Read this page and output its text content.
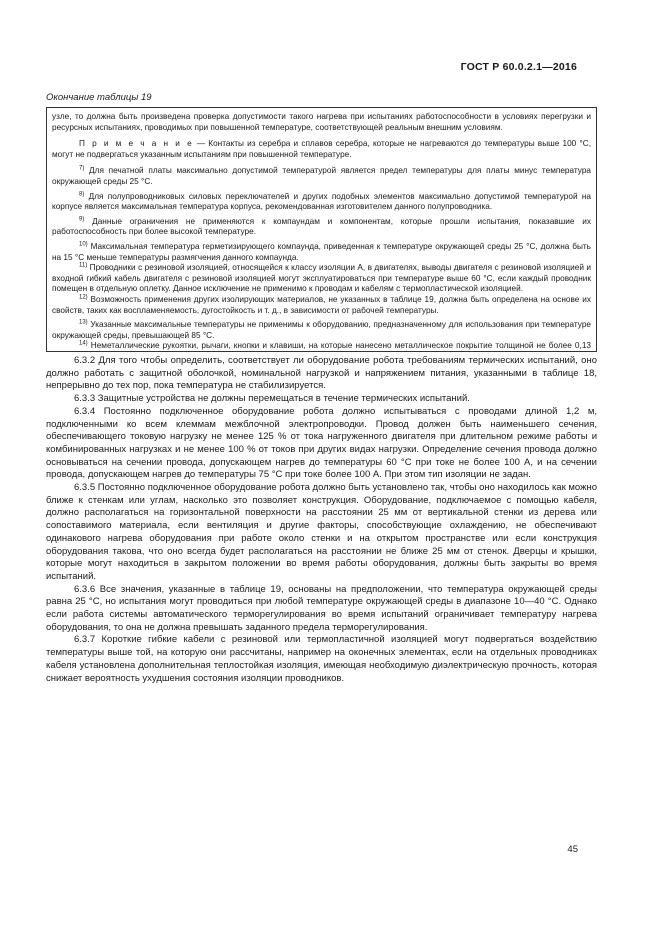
ГОСТ Р 60.0.2.1—2016
Окончание таблицы 19

узле, то должна быть произведена проверка допустимости такого нагрева при испытаниях работоспособности в условиях перегрузки и ресурсных испытаниях, проводимых при повышенной температуре, соответствующей реальным внешним условиям.

П р и м е ч а н и е — Контакты из серебра и сплавов серебра, которые не нагреваются до температуры выше 100 °С, могут не подвергаться указанным испытаниям при повышенной температуре.

$^{7)}$ Для печатной платы максимально допустимой температурой является предел температуры для платы минус температура окружающей среды 25 °С.

$^{8)}$ Для полупроводниковых силовых переключателей и других подобных элементов максимально допустимой температурой на корпусе является максимальная температура корпуса, рекомендованная изготовителем данного полупроводника.

$^{9)}$ Данные ограничения не применяются к компаундам и компонентам, которые прошли испытания, показавшие их работоспособность при более высокой температуре.

$^{10)}$ Максимальная температура герметизирующего компаунда, приведенная к температуре окружающей среды 25 °С, должна быть на 15 °С меньше температуры размягчения данного компаунда.

$^{11)}$ Проводники с резиновой изоляцией, относящейся к классу изоляции А, в двигателях, выводы двигателя с резиновой изоляцией и входной гибкий кабель двигателя с резиновой изоляцией могут эксплуатироваться при температуре выше 60 °С, если каждый проводник помещен в отдельную оплетку. Данное исключение не применимо к проводам и кабелям с термопластической изоляцией.

$^{12)}$ Возможность применения других изолирующих материалов, не указанных в таблице 19, должна быть определена на основе их свойств, таких как воспламеняемость, дугостойкость и т. д., в зависимости от рабочей температуры.

$^{13)}$ Указанные максимальные температуры не применимы к оборудованию, предназначенному для использования при температуре окружающей среды, превышающей 85 °С.

$^{14)}$ Неметаллические рукоятки, рычаги, кнопки и клавиши, на которые нанесено металлическое покрытие толщиной не более 0,13

6.3.2 Для того чтобы определить, соответствует ли оборудование робота требованиям термических испытаний, оно должно работать с защитной оболочкой, номинальной нагрузкой и напряжением питания, указанными в таблице 18, непрерывно до тех пор, пока температура не стабилизируется.

6.3.3 Защитные устройства не должны перемещаться в течение термических испытаний.

6.3.4 Постоянно подключенное оборудование робота должно испытываться с проводами длиной 1,2 м, подключенными ко всем клеммам межблочной электропроводки. Провод должен быть наименьшего сечения, обеспечивающего токовую нагрузку не менее 125 % от тока нагруженного двигателя при длительном режиме работы и комбинированных нагрузках и не менее 100 % от токов при других видах нагрузки. Определение сечения провода должно основываться на сечении провода, допускающем нагрев до температуры 60 °С при токе не более 100 А, и на сечении провода, допускающем нагрев до температуры 75 °С при токе более 100 А. При этом тип изоляции не задан.

6.3.5 Постоянно подключенное оборудование робота должно быть установлено так, чтобы оно находилось как можно ближе к стенкам или углам, насколько это позволяет конструкция. Оборудование, подключаемое с помощью кабеля, должно располагаться на горизонтальной поверхности на расстоянии 25 мм от вертикальной стенки из дерева или сопоставимого материала, если вентиляция и другие факторы, способствующие охлаждению, не обеспечивают одинакового нагрева оборудования при работе около стенки и на открытом пространстве или если конструкция оборудования такова, что оно всегда будет располагаться на расстоянии не ближе 25 мм от стенок. Дверцы и крышки, которые могут находиться в закрытом положении во время работы оборудования, должны быть закрыты во время испытаний.

6.3.6 Все значения, указанные в таблице 19, основаны на предположении, что температура окружающей среды равна 25 °С, но испытания могут проводиться при любой температуре окружающей среды в диапазоне 10—40 °С. Однако если работа системы автоматического терморегулирования во время испытаний ограничивает температуру нагрева оборудования, то она не должна превышать заданного предела терморегулирования.

6.3.7 Короткие гибкие кабели с резиновой или термопластичной изоляцией могут подвергаться воздействию температуры выше той, на которую они рассчитаны, например на оконечных элементах, если на отдельных проводниках кабеля установлена дополнительная теплостойкая изоляция, имеющая необходимую диэлектрическую прочность, которая снижает вероятность ухудшения состояния изоляции проводников.

45
